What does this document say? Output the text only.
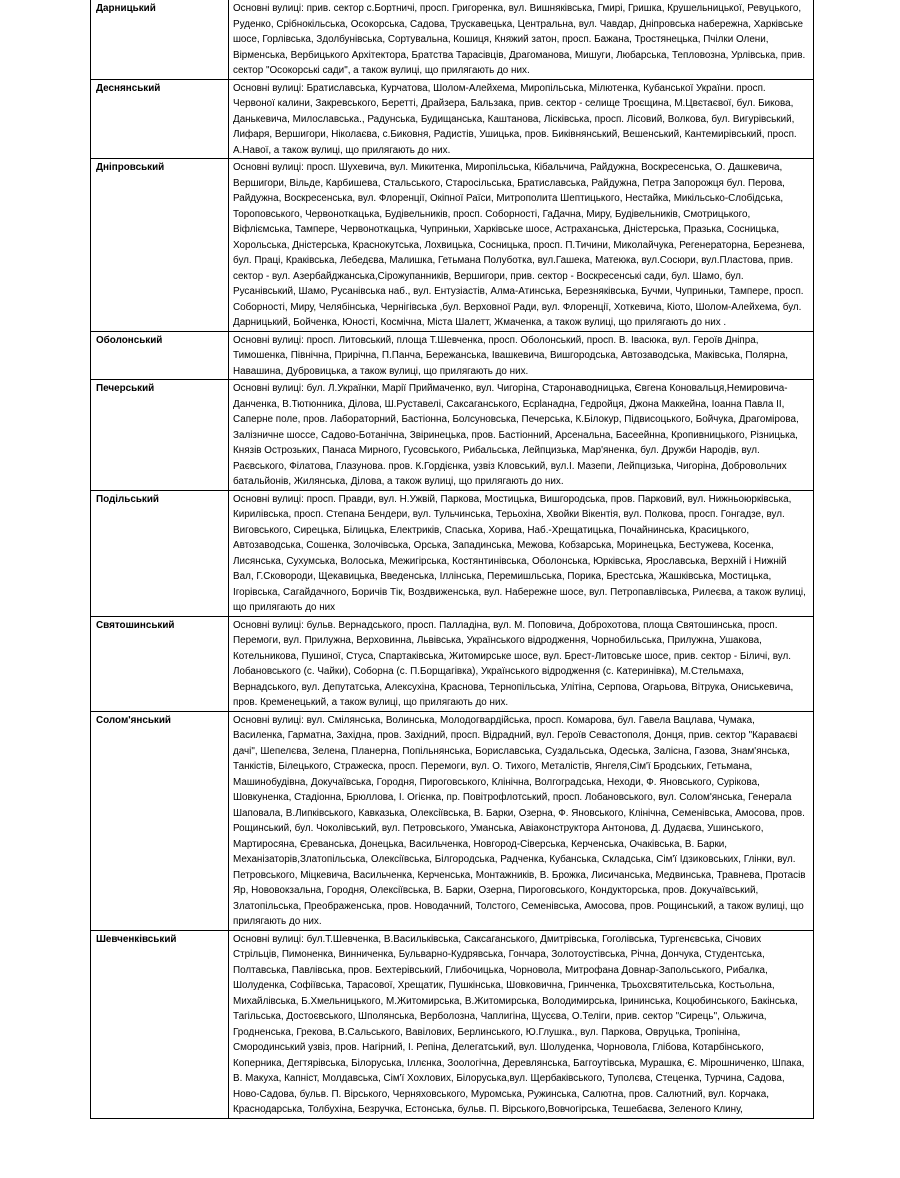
Дарницький	Основні вулиці: прив. сектор с.Бортничі, просп. Григоренка, вул. Вишняківська, Гмирі, Гришка, Крушельницької, Ревуцького, Руденко, Срібнокільська, Осокорська, Садова, Трускавецька, Центральна, вул. Чавдар, Дніпровська набережна, Харківське шосе, Горлівська, Здолбунівська, Сортувальна, Кошиця, Княжий затон, просп. Бажана, Тростянецька, Пчілки Олени, Вірменська, Вербицького Архітектора, Братства Тарасівців, Драгоманова, Мишуги, Любарська, Тепловозна, Урлівська, прив. сектор "Осокорські сади", а також вулиці, що прилягають до них.
Деснянський	Основні вулиці: Братиславська, Курчатова, Шолом-Алейхема, Миропільська, Мілютенка, Кубанської України. просп. Червоної калини, Закревського, Беретті, Драйзера, Бальзака, прив. сектор - селище Троєщина, М.Цвєтаєвої, бул. Бикова, Данькевича, Милославська., Радунська, Будищанська, Каштанова, Лісківська, просп. Лісовий, Волкова, бул. Вигурівський, Лифаря, Вершигори, Ніколаєва, с.Биковня, Радистів, Ушицька, пров. Биківнянський, Вешенський, Кантемирівський, просп. А.Навої, а також вулиці, що прилягають до них.
Дніпровський	Основні вулиці: просп. Шухевича, вул. Микитенка, Миропільська, Кібальчича, Райдужна, Воскресенська, О. Дашкевича, Вершигори, Вільде, Карбишева, Стальського, Старосільська, Братиславська, Райдужна, Петра Запорожця бул. Перова, Райдужна, Воскресенська, вул. Флоренції, Окіпної Раїси, Митрополита Шептицького, Нестайка, Микільсько-Слобідська, Тороповського, Червоноткацька, Будівельників, просп. Соборності, ГаДачна, Миру, Будівельників, Смотрицького, Віфліємська, Тампере, Червоноткацька, Чуприньки, Харківське шосе, Астраханська, Дністерська, Празька, Сосницька, Хорольська, Дністерська, Краснокутська, Лохвицька, Сосницька, просп. П.Тичини, Миколайчука, Регенераторна, Березнева, бул. Праці, Краківська, Лебедєва, Малишка, Гетьмана Полуботка, вул.Гашека, Матеюка, вул.Сосюри, вул.Пластова, прив. сектор - вул. Азербайджанська,Сірожупанників, Вершигори, прив. сектор - Воскресенські сади, бул. Шамо, бул. Русанівський, Шамо, Русанівська наб., вул. Ентузіастів, Алма-Атинська, Березняківська, Бучми, Чуприньки, Тампере, просп. Соборності, Миру, Челябінська, Чернігівська ,бул. Верховної Ради, вул. Флоренції, Хоткевича, Кіото, Шолом-Алейхема, бул. Дарницький, Бойченка, Юності, Космічна, Міста Шалетт, Жмаченка, а також вулиці, що прилягають до них .
Оболонський	Основні вулиці: просп. Литовський, площа Т.Шевченка, просп. Оболонський, просп. В. Івасюка, вул. Героїв Дніпра, Тимошенка, Північна, Прирічна, П.Панча, Бережанська, Івашкевича, Вишгородська, Автозаводська, Маківська, Полярна, Навашина, Дубровицька, а також вулиці, що прилягають до них.
Печерський	Основні вулиці: бул. Л.Українки, Марії Приймаченко, вул. Чигоріна, Старонаводницька, Євгена Коновальця,Немировича-Данченка, В.Тютюнника, Ділова, Ш.Руставелі, Саксаганського, Есplанадна, Гедройця, Джона Маккейна, Іоанна Павла ІІ, Саперне поле, пров. Лабораторний, Бастіонна, Болсуновська, Печерська, К.Білокур, Підвисоцького, Бойчука, Драгомірова, Залізничне шоссе, Садово-Ботанічна, Звіринецька, пров. Бастіонний, Арсенальна, Басеейнна, Кропивницького, Різницька, Князів Острозьких, Панаса Мирного, Гусовського, Рибальська, Лейпцизька, Мар'яненка, бул. Дружби Народів, вул. Раєвського, Філатова, Глазунова. пров. К.Гордієнка, узвіз Кловський, вул.І. Мазепи, Лейпцизька, Чигоріна, Добровольчих батальйонів, Жилянська, Ділова, а також вулиці, що прилягають до них.
Подільський	Основні вулиці: просп. Правди, вул. Н.Ужвій, Паркова, Мостицька, Вишгородська, пров. Парковий, вул. Нижньоюрківська, Кирилівська, просп. Степана Бендери, вул. Тульчинська, Терьохіна, Хвойки Вікентія, вул. Полкова, просп. Гонгадзе, вул. Виговського, Сирецька, Білицька, Електриків, Спаська, Хорива, Наб.-Хрещатицька, Почайнинська, Красицького, Автозаводська, Сошенка, Золочівська, Орська, Западинська, Межова, Кобзарська, Моринецька, Бестужева, Косенка, Лисянська, Сухумська, Волоська, Межигірська, Костянтинівська, Оболонська, Юрківська, Ярославська, Верхній і Нижній Вал, Г.Сковороди, Щекавицька, Введенська, Іллінська, Перемишльська, Порика, Брестська, Жашківська, Мостицька, Ігорівська, Сагайдачного, Боричів Тік, Воздвиженська, вул. Набережне шосе, вул. Петропавлівська, Рилеєва, а також вулиці, що прилягають до них
Святошинський	Основні вулиці: бульв. Вернадського, просп. Палладіна, вул. М. Поповича, Доброхотова, площа Святошинська, просп. Перемоги, вул. Прилужна, Верховинна, Львівська, Українського відродження, Чорнобильська, Прилужна, Ушакова, Котельникова, Пушиної, Стуса, Спартаківська, Житомирське шосе, вул. Брест-Литовське шосе, прив. сектор - Біличі, вул. Лобановського (с. Чайки), Соборна (с. П.Борщагівка), Українського відродження (с. Катеринівка), М.Стельмаха, Вернадського, вул. Депутатська, Алексухіна, Краснова, Тернопільська, Улітіна, Серпова, Огарьова, Вітрука, Ониськевича, пров. Кременецький, а також вулиці, що прилягають до них.
Солом'янський	Основні вулиці: вул. Смілянська, Волинська, Молодогвардійська, просп. Комарова, бул. Гавела Вацлава, Чумака, Василенка, Гарматна, Західна, пров. Західний, просп. Відрадний, вул. Героїв Севастополя, Донця, прив. сектор "Караваєві дачі", Шепелєва, Зелена, Планерна, Попільнянська, Бориславська, Суздальська, Одеська, Залісна, Газова, Знам'янська, Танкістів, Білецького, Стражеска, просп. Перемоги, вул. О. Тихого, Металістів, Янгеля,Сім'ї Бродських, Гетьмана, Машинобудівна, Докучаївська, Городня, Пироговського, Клінічна, Волгоградська, Неходи, Ф. Яновського, Сурікова, Шовкуненка, Стадіонна, Брюллова, І. Огієнка, пр. Повітрофлотський, просп. Лобановського, вул. Солом'янська, Генерала Шаповала, В.Липківського, Кавказька, Олексіївська, В. Барки, Озерна, Ф. Яновського, Клінічна, Семенівська, Амосова, пров. Рощинський, бул. Чоколівський, вул. Петровського, Уманська, Авіаконструктора Антонова, Д. Дудаєва, Ушинського, Мартиросяна, Єреванська, Донецька, Васильченка, Новгород-Сіверська, Керченська, Очаківська, В. Барки, Механізаторів,Златопільська, Олексіївська, Білгородська, Радченка, Кубанська, Складська, Сім'ї Ідзиковських, Глінки, вул. Петровського, Міцкевича, Васильченка, Керченська, Монтажників, В. Брожка, Лисичанська, Медвинська, Травнева, Протасів Яр, Нововокзальна, Городня, Олексіївська, В. Барки, Озерна, Пироговського, Кондукторська, пров. Докучаївський, Златопільська, Преображенська, пров. Новодачний, Толстого, Семенівська, Амосова, пров. Рощинський, а також вулиці, що прилягають до них.
Шевченківський	Основні вулиці: бул.Т.Шевченка, В.Васильківська, Саксаганського, Дмитрівська, Гоголівська, Тургенєвська, Січових Стрільців, Пимоненка, Винниченка, Бульварно-Кудрявська, Гончара, Золотоустівська, Річна, Дончука, Студентська, Полтавська, Павлівська, пров. Бехтерівський, Глибочицька, Чорновола, Митрофана Довнар-Запольського, Рибалка, Шолуденка, Софіївська, Тарасової, Хрещатик, Пушкінська, Шовковична, Гринченка, Трьохсвятительська, Костьольна, Михайлівська, Б.Хмельницького, М.Житомирська, В.Житомирська, Володимирська, Ірининська, Коцюбинського, Бакінська, Тагільська, Достоєвського, Шполянська, Верболозна, Чаплигіна, Щусєва, О.Теліги, прив. сектор "Сирець", Ольжича, Гродненська, Грекова, В.Сальського, Вавілових, Берлинського, Ю.Глушка., вул. Паркова, Овруцька, Тропініна, Смородинський узвіз, пров. Нагірний, І. Репіна, Делегатський, вул. Шолуденка, Чорновола, Глібова, Котарбінського, Коперника, Дегтярівська, Білоруська, Іллєнка, Зоологічна, Деревлянська, Баггоутівська, Мурашка, Є. Мірошниченко, Шпака, В. Макуха, Капніст, Молдавська, Сім'ї Хохлових, Білоруська,вул. Щербаківського, Туполєва, Стеценка, Турчина, Садова, Ново-Садова, бульв. П. Вірського, Черняховського, Муромська, Ружинська, Салютна, пров. Салютний, вул. Корчака, Краснодарська, Толбухіна, Безручка, Естонська, бульв. П. Вірського,Вовчогірська, Тешебаєва, Зеленого Клину,
